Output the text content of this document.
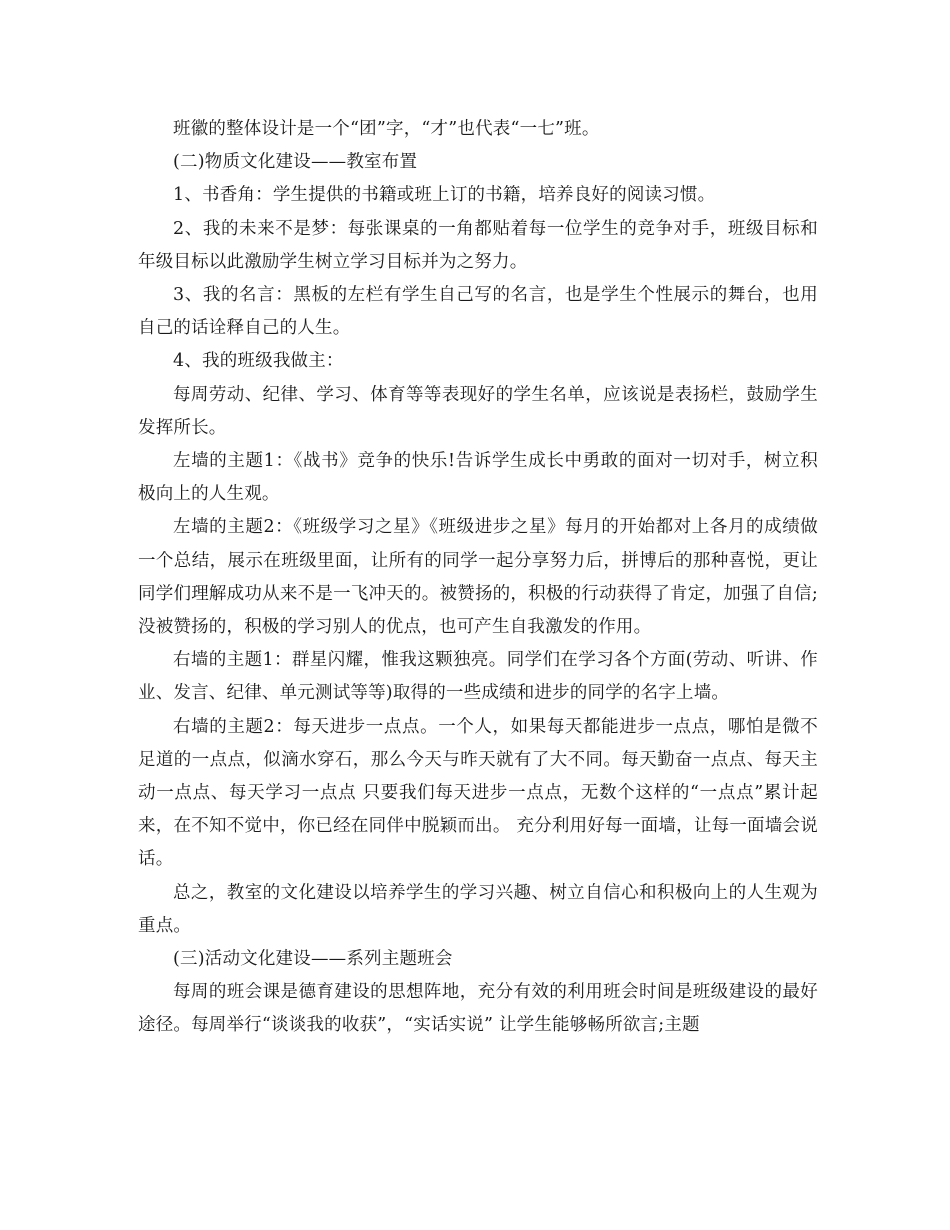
班徽的整体设计是一个“团”字，“才”也代表“一七”班。

(二)物质文化建设——教室布置

1、书香角：学生提供的书籍或班上订的书籍，培养良好的阅读习惯。

2、我的未来不是梦：每张课桌的一角都贴着每一位学生的竞争对手，班级目标和年级目标以此激励学生树立学习目标并为之努力。

3、我的名言：黑板的左栏有学生自己写的名言，也是学生个性展示的舞台，也用自己的话诠释自己的人生。

4、我的班级我做主：

每周劳动、纪律、学习、体育等等表现好的学生名单，应该说是表扬栏，鼓励学生发挥所长。

左墙的主题1：《战书》竞争的快乐!告诉学生成长中勇敢的面对一切对手，树立积极向上的人生观。

左墙的主题2：《班级学习之星》《班级进步之星》每月的开始都对上各月的成绩做一个总结，展示在班级里面，让所有的同学一起分享努力后，拼博后的那种喜悦，更让同学们理解成功从来不是一飞冲天的。被赞扬的，积极的行动获得了肯定，加强了自信;没被赞扬的，积极的学习别人的优点，也可产生自我激发的作用。

右墙的主题1：群星闪耀，惟我这颗独亮。同学们在学习各个方面(劳动、听讲、作业、发言、纪律、单元测试等等)取得的一些成绩和进步的同学的名字上墙。

右墙的主题2：每天进步一点点。一个人，如果每天都能进步一点点，哪怕是微不足道的一点点，似滴水穿石，那么今天与昨天就有了大不同。每天勤奋一点点、每天主动一点点、每天学习一点点 只要我们每天进步一点点，无数个这样的“一点点”累计起来，在不知不觉中，你已经在同伴中脱颖而出。 充分利用好每一面墙，让每一面墙会说话。

总之，教室的文化建设以培养学生的学习兴趣、树立自信心和积极向上的人生观为重点。

(三)活动文化建设——系列主题班会

每周的班会课是德育建设的思想阵地，充分有效的利用班会时间是班级建设的最好途径。每周举行“谈谈我的收获”，“实话实说” 让学生能够畅所欲言;主题
